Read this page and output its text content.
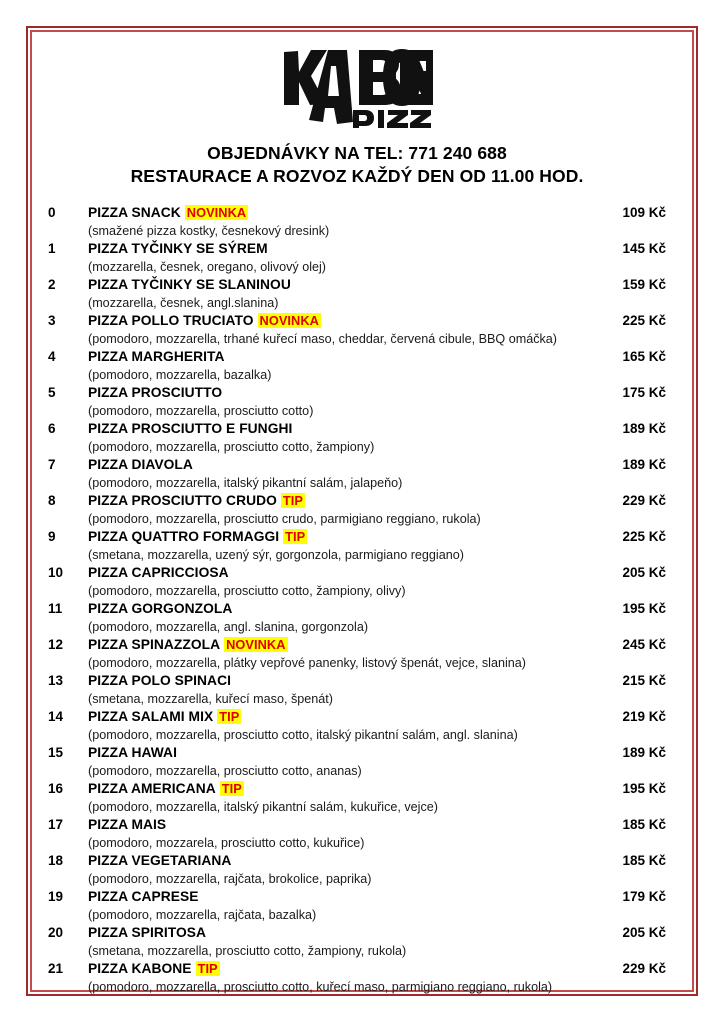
OBJEDNÁVKY NA TEL: 771 240 688
RESTAURACE A ROZVOZ KAŽDÝ DEN OD 11.00 HOD.
0	PIZZA SNACK NOVINKA	109 Kč
(smažené pizza kostky, česnekový dresink)
1	PIZZA TYČINKY SE SÝREM	145 Kč
(mozzarella, česnek, oregano, olivový olej)
2	PIZZA TYČINKY SE SLANINOU	159 Kč
(mozzarella, česnek, angl.slanina)
3	PIZZA POLLO TRUCIATO NOVINKA	225 Kč
(pomodoro, mozzarella, trhané kuřecí maso, cheddar, červená cibule, BBQ omáčka)
4	PIZZA MARGHERITA	165 Kč
(pomodoro, mozzarella, bazalka)
5	PIZZA PROSCIUTTO	175 Kč
(pomodoro, mozzarella, prosciutto cotto)
6	PIZZA PROSCIUTTO E FUNGHI	189 Kč
(pomodoro, mozzarella, prosciutto cotto, žampiony)
7	PIZZA DIAVOLA	189 Kč
(pomodoro, mozzarella, italský pikantní salám, jalapeňo)
8	PIZZA PROSCIUTTO CRUDO TIP	229 Kč
(pomodoro, mozzarella, prosciutto crudo, parmigiano reggiano, rukola)
9	PIZZA QUATTRO FORMAGGI TIP	225 Kč
(smetana, mozzarella, uzený sýr, gorgonzola, parmigiano reggiano)
10	PIZZA CAPRICCIOSA	205 Kč
(pomodoro, mozzarella, prosciutto cotto, žampiony, olivy)
11	PIZZA GORGONZOLA	195 Kč
(pomodoro, mozzarella, angl. slanina, gorgonzola)
12	PIZZA SPINAZZOLA NOVINKA	245 Kč
(pomodoro, mozzarella, plátky vepřové panenky, listový špenát, vejce, slanina)
13	PIZZA POLO SPINACI	215 Kč
(smetana, mozzarella, kuřecí maso, špenát)
14	PIZZA SALAMI MIX TIP	219 Kč
(pomodoro, mozzarella, prosciutto cotto, italský pikantní salám, angl. slanina)
15	PIZZA HAWAI	189 Kč
(pomodoro, mozzarella, prosciutto cotto, ananas)
16	PIZZA AMERICANA TIP	195 Kč
(pomodoro, mozzarella, italský pikantní salám, kukuřice, vejce)
17	PIZZA MAIS	185 Kč
(pomodoro, mozzarela, prosciutto cotto, kukuřice)
18	PIZZA VEGETARIANA	185 Kč
(pomodoro, mozzarella, rajčata, brokolice, paprika)
19	PIZZA CAPRESE	179 Kč
(pomodoro, mozzarella, rajčata, bazalka)
20	PIZZA SPIRITOSA	205 Kč
(smetana, mozzarella, prosciutto cotto, žampiony, rukola)
21	PIZZA KABONE TIP	229 Kč
(pomodoro, mozzarella, prosciutto cotto, kuřecí maso, parmigiano reggiano, rukola)
